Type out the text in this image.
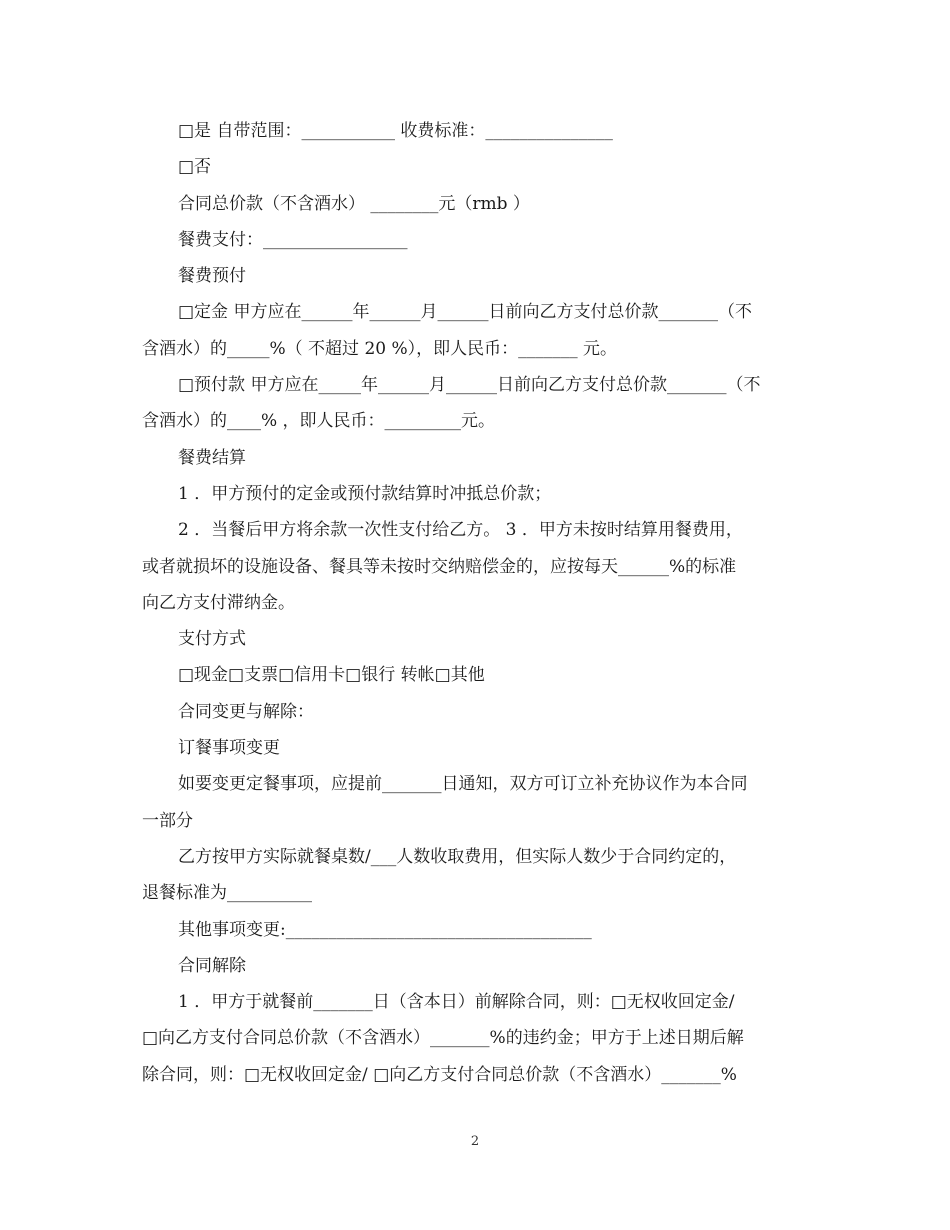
□是 自带范围：___________ 收费标准：_______________

□否

合同总价款（不含酒水） ________元（rmb ）

餐费支付：_________________

餐费预付

□定金 甲方应在______年______月______日前向乙方支付总价款_______（不

含酒水）的_____%（ 不超过 20 %），即人民币：_______ 元。

□预付款 甲方应在_____年______月______日前向乙方支付总价款_______（不

含酒水）的____% ，即人民币：_________元。

餐费结算

1 ．甲方预付的定金或预付款结算时冲抵总价款；

2 ．当餐后甲方将余款一次性支付给乙方。 3 ．甲方未按时结算用餐费用，

或者就损坏的设施设备、餐具等未按时交纳赔偿金的，应按每天______%的标准

向乙方支付滞纳金。

支付方式

□现金□支票□信用卡□银行 转帐□其他

合同变更与解除：

订餐事项变更

如要变更定餐事项，应提前_______日通知，双方可订立补充协议作为本合同

一部分

乙方按甲方实际就餐桌数/___人数收取费用，但实际人数少于合同约定的，

退餐标准为__________

其他事项变更:____________________________________

合同解除

1 ．甲方于就餐前_______日（含本日）前解除合同，则：□无权收回定金/

□向乙方支付合同总价款（不含酒水）_______%的违约金；甲方于上述日期后解

除合同，则：□无权收回定金/ □向乙方支付合同总价款（不含酒水）_______%

2
